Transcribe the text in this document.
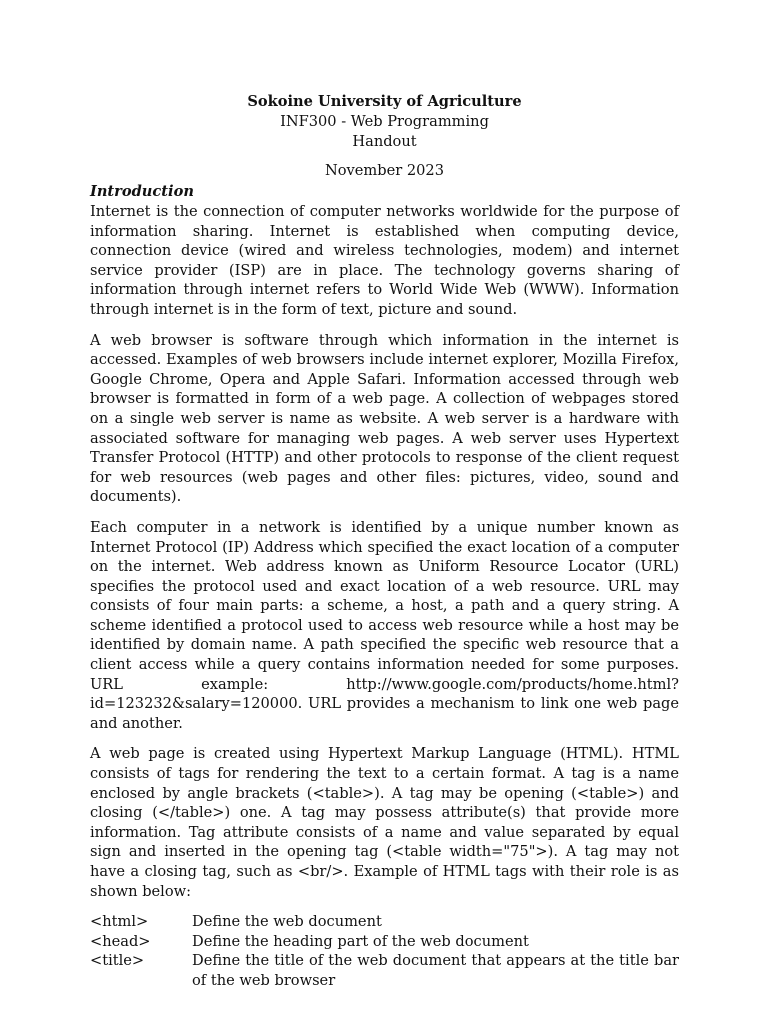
Sokoine University of Agriculture
INF300 - Web Programming
Handout
November 2023
Introduction

Internet is the connection of computer networks worldwide for the purpose of information sharing. Internet is established when computing device, connection device (wired and wireless technologies, modem) and internet service provider (ISP) are in place. The technology governs sharing of information through internet refers to World Wide Web (WWW). Information through internet is in the form of text, picture and sound.

A web browser is software through which information in the internet is accessed. Examples of web browsers include internet explorer, Mozilla Firefox, Google Chrome, Opera and Apple Safari. Information accessed through web browser is formatted in form of a web page. A collection of webpages stored on a single web server is name as website. A web server is a hardware with associated software for managing web pages. A web server uses Hypertext Transfer Protocol (HTTP) and other protocols to response of the client request for web resources (web pages and other files: pictures, video, sound and documents).

Each computer in a network is identified by a unique number known as Internet Protocol (IP) Address which specified the exact location of a computer on the internet. Web address known as Uniform Resource Locator (URL) specifies the protocol used and exact location of a web resource. URL may consists of four main parts: a scheme, a host, a path and a query string. A scheme identified a protocol used to access web resource while a host may be identified by domain name. A path specified the specific web resource that a client access while a query contains information needed for some purposes. URL example: http://www.google.com/products/home.html?id=123232&salary=120000. URL provides a mechanism to link one web page and another.

A web page is created using Hypertext Markup Language (HTML). HTML consists of tags for rendering the text to a certain format. A tag is a name enclosed by angle brackets (<table>). A tag may be opening (<table>) and closing (</table>) one. A tag may possess attribute(s) that provide more information. Tag attribute consists of a name and value separated by equal sign and inserted in the opening tag (<table width="75">). A tag may not have a closing tag, such as <br/>. Example of HTML tags with their role is as shown below:

<html>	Define the web document
<head>	Define the heading part of the web document
<title>	Define the title of the web document that appears at the title bar of the web browser
